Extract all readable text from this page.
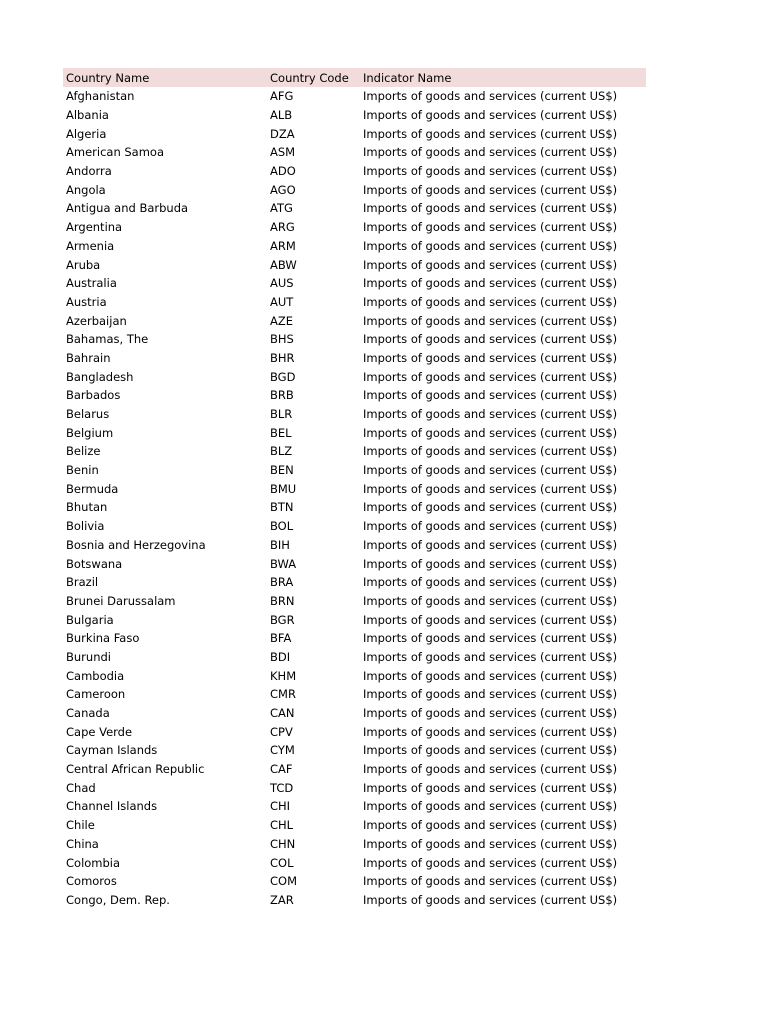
Country Name	Country Code	Indicator Name
Afghanistan	AFG	Imports of goods and services (current US$)
Albania	ALB	Imports of goods and services (current US$)
Algeria	DZA	Imports of goods and services (current US$)
American Samoa	ASM	Imports of goods and services (current US$)
Andorra	ADO	Imports of goods and services (current US$)
Angola	AGO	Imports of goods and services (current US$)
Antigua and Barbuda	ATG	Imports of goods and services (current US$)
Argentina	ARG	Imports of goods and services (current US$)
Armenia	ARM	Imports of goods and services (current US$)
Aruba	ABW	Imports of goods and services (current US$)
Australia	AUS	Imports of goods and services (current US$)
Austria	AUT	Imports of goods and services (current US$)
Azerbaijan	AZE	Imports of goods and services (current US$)
Bahamas, The	BHS	Imports of goods and services (current US$)
Bahrain	BHR	Imports of goods and services (current US$)
Bangladesh	BGD	Imports of goods and services (current US$)
Barbados	BRB	Imports of goods and services (current US$)
Belarus	BLR	Imports of goods and services (current US$)
Belgium	BEL	Imports of goods and services (current US$)
Belize	BLZ	Imports of goods and services (current US$)
Benin	BEN	Imports of goods and services (current US$)
Bermuda	BMU	Imports of goods and services (current US$)
Bhutan	BTN	Imports of goods and services (current US$)
Bolivia	BOL	Imports of goods and services (current US$)
Bosnia and Herzegovina	BIH	Imports of goods and services (current US$)
Botswana	BWA	Imports of goods and services (current US$)
Brazil	BRA	Imports of goods and services (current US$)
Brunei Darussalam	BRN	Imports of goods and services (current US$)
Bulgaria	BGR	Imports of goods and services (current US$)
Burkina Faso	BFA	Imports of goods and services (current US$)
Burundi	BDI	Imports of goods and services (current US$)
Cambodia	KHM	Imports of goods and services (current US$)
Cameroon	CMR	Imports of goods and services (current US$)
Canada	CAN	Imports of goods and services (current US$)
Cape Verde	CPV	Imports of goods and services (current US$)
Cayman Islands	CYM	Imports of goods and services (current US$)
Central African Republic	CAF	Imports of goods and services (current US$)
Chad	TCD	Imports of goods and services (current US$)
Channel Islands	CHI	Imports of goods and services (current US$)
Chile	CHL	Imports of goods and services (current US$)
China	CHN	Imports of goods and services (current US$)
Colombia	COL	Imports of goods and services (current US$)
Comoros	COM	Imports of goods and services (current US$)
Congo, Dem. Rep.	ZAR	Imports of goods and services (current US$)
